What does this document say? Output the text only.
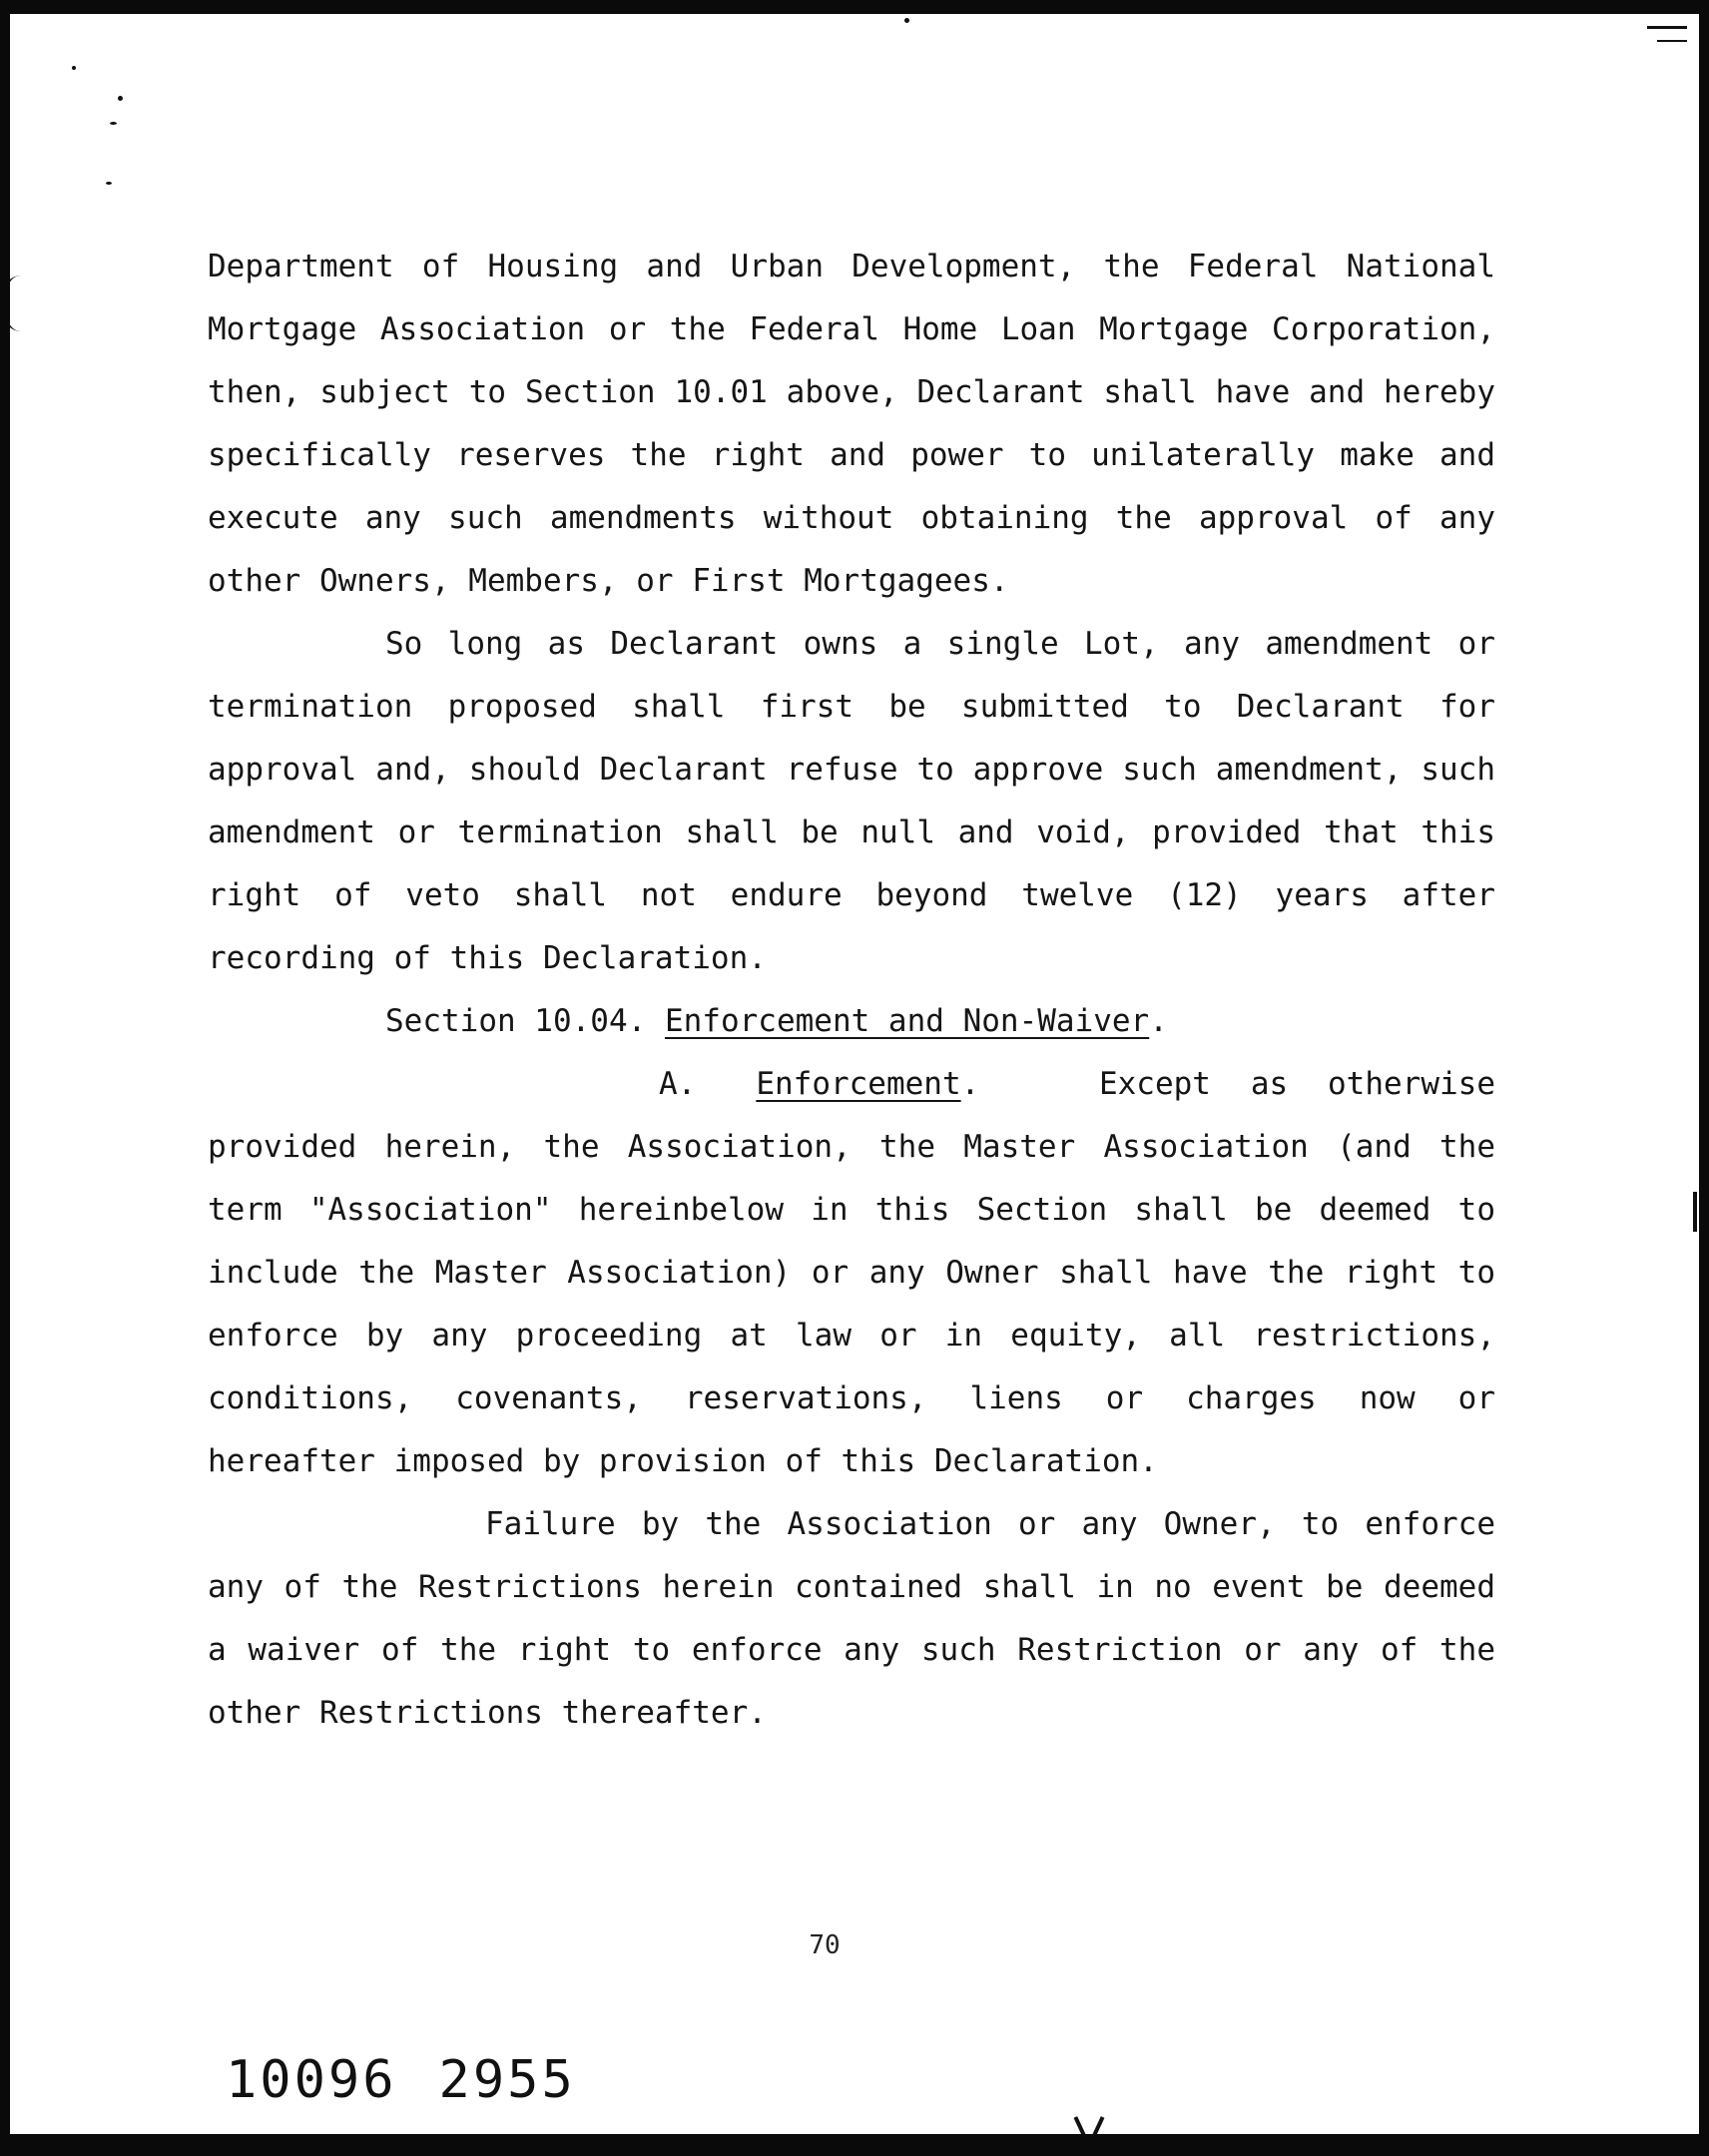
Department of Housing and Urban Development, the Federal National Mortgage Association or the Federal Home Loan Mortgage Corporation, then, subject to Section 10.01 above, Declarant shall have and hereby specifically reserves the right and power to unilaterally make and execute any such amendments without obtaining the approval of any other Owners, Members, or First Mortgagees.

So long as Declarant owns a single Lot, any amendment or termination proposed shall first be submitted to Declarant for approval and, should Declarant refuse to approve such amendment, such amendment or termination shall be null and void, provided that this right of veto shall not endure beyond twelve (12) years after recording of this Declaration.

Section 10.04. Enforcement and Non-Waiver.

A. Enforcement.	Except as otherwise provided herein, the Association, the Master Association (and the term "Association" hereinbelow in this Section shall be deemed to include the Master Association) or any Owner shall have the right to enforce by any proceeding at law or in equity, all restrictions, conditions, covenants, reservations, liens or charges now or hereafter imposed by provision of this Declaration.

Failure by the Association or any Owner, to enforce any of the Restrictions herein contained shall in no event be deemed a waiver of the right to enforce any such Restriction or any of the other Restrictions thereafter.

70
10096 2955
